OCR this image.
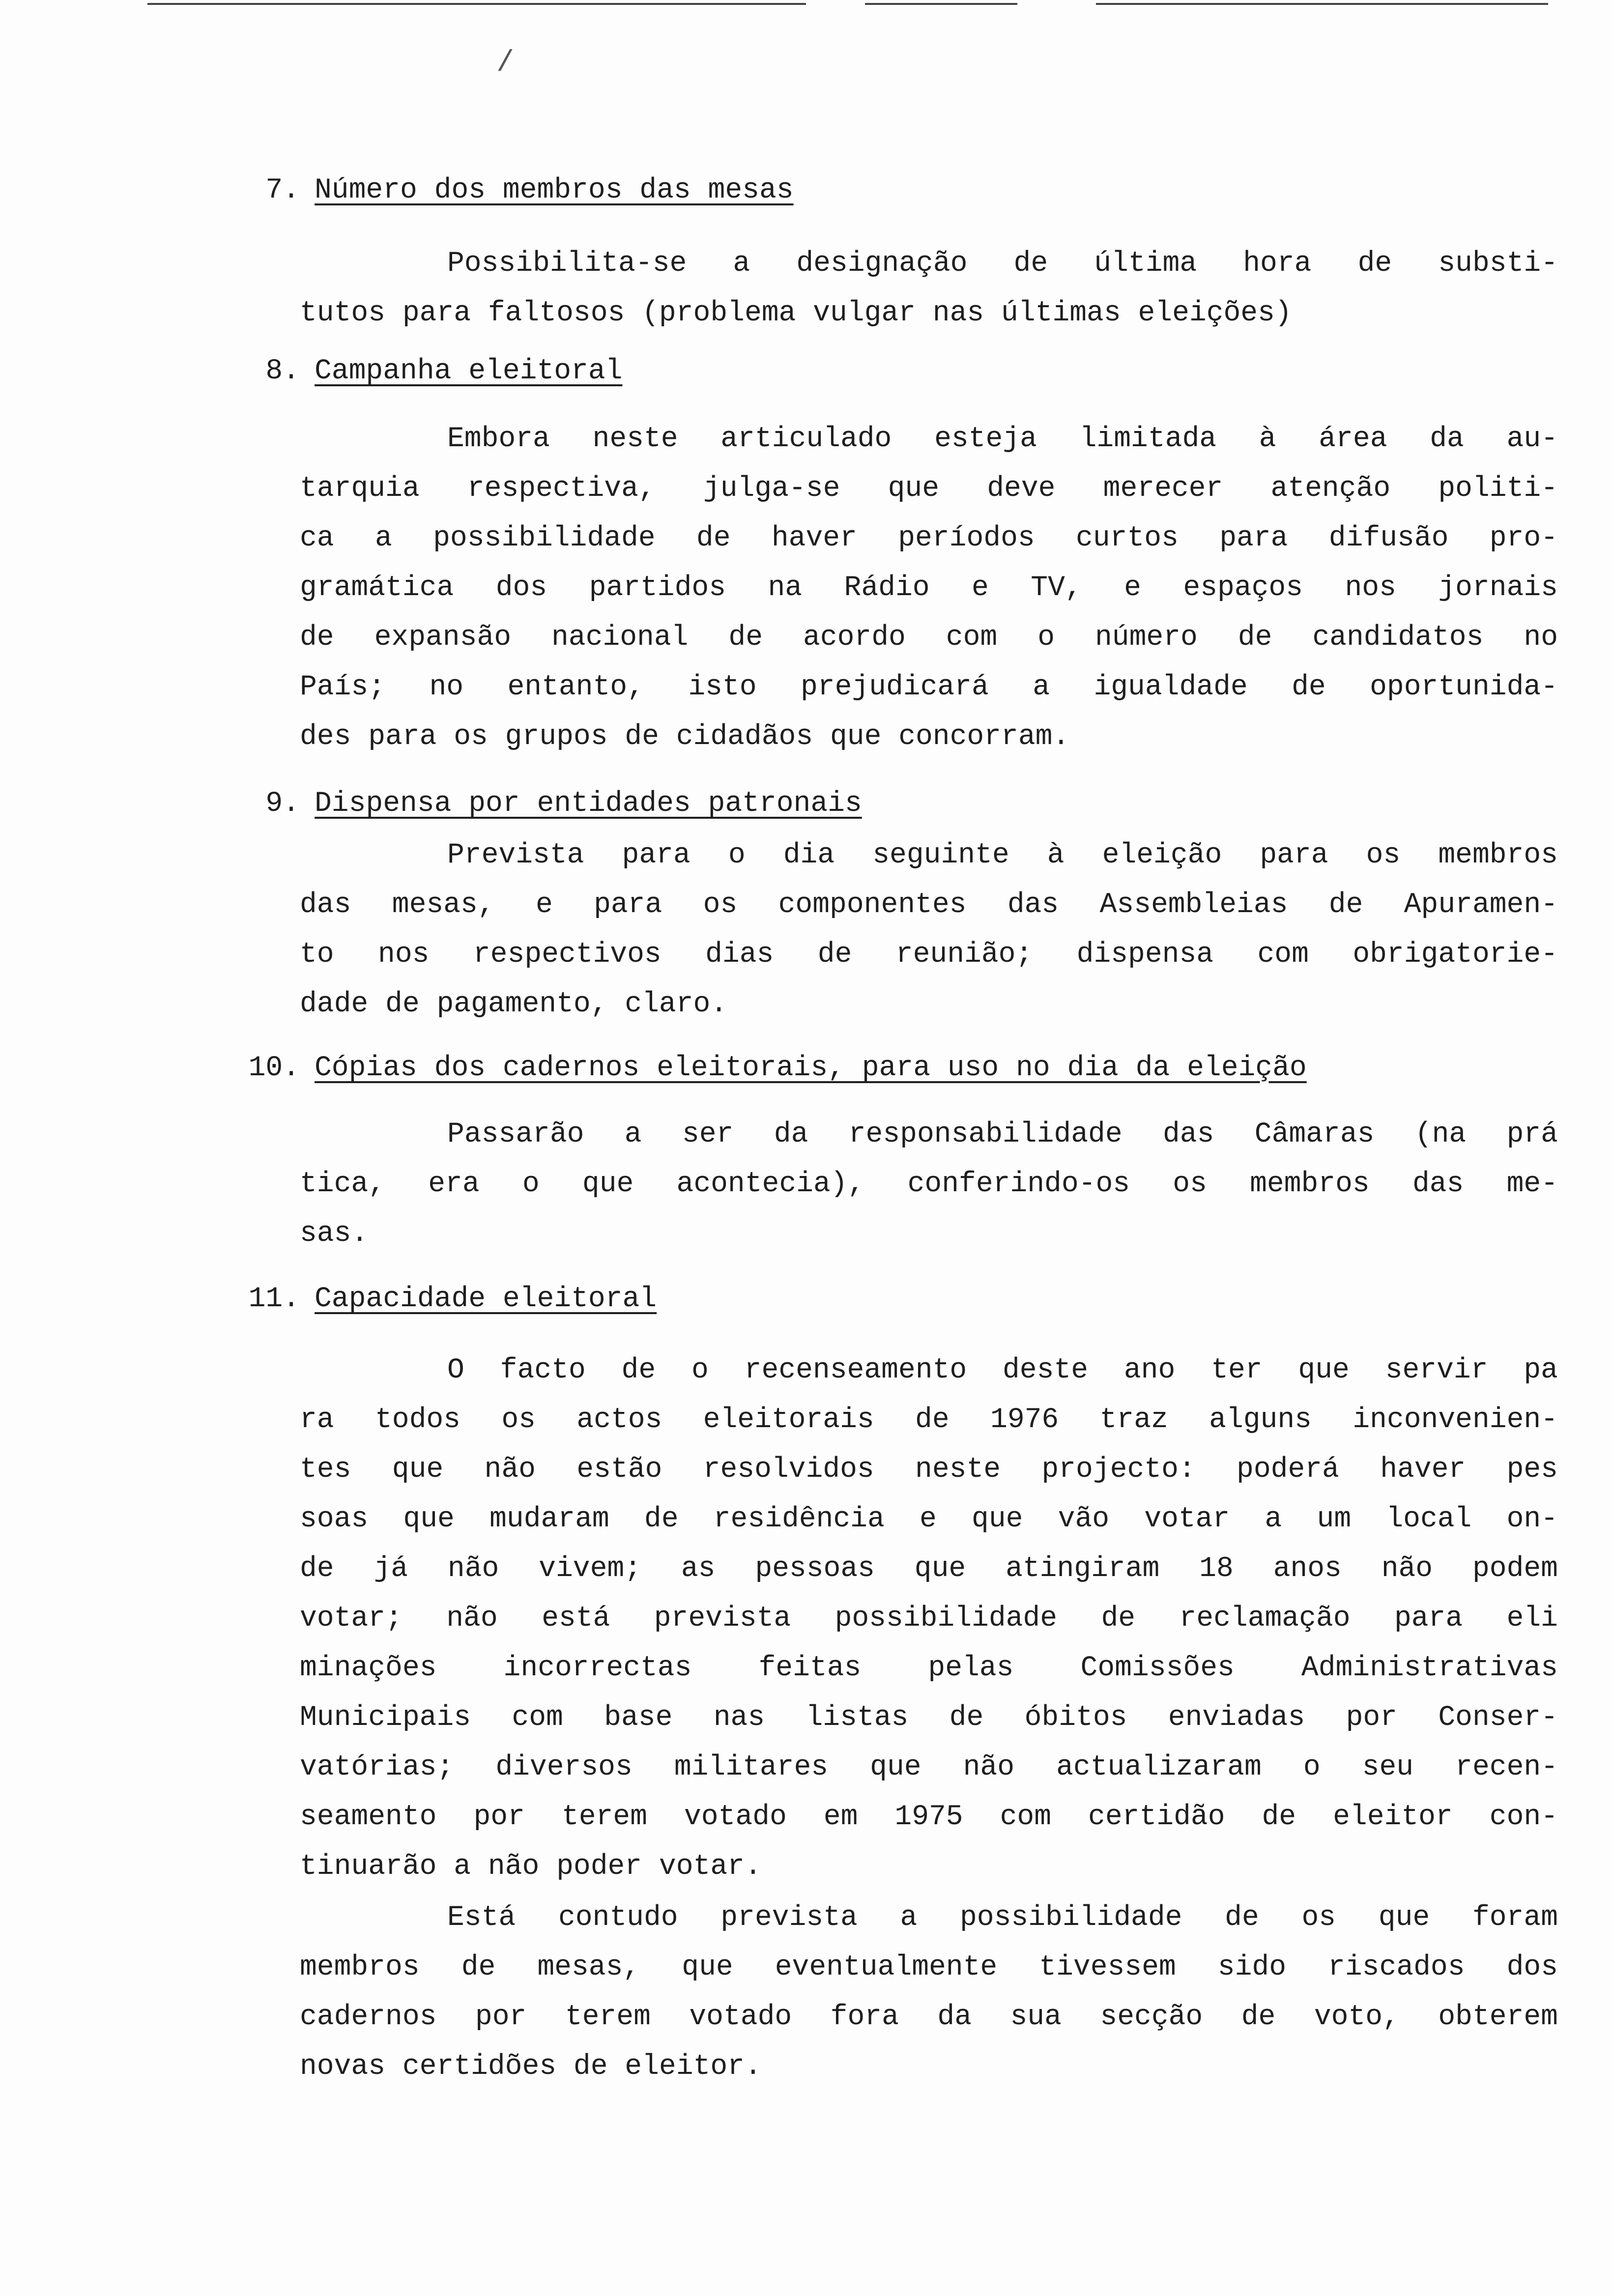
/
7. Número dos membros das mesas
Possibilita-se a designação de última hora de substi-
tutos para faltosos (problema vulgar nas últimas eleições)
8. Campanha eleitoral
Embora neste articulado esteja limitada à área da au-
tarquia respectiva, julga-se que deve merecer atenção politi-
ca a possibilidade de haver períodos curtos para difusão pro-
gramática dos partidos na Rádio e TV, e espaços nos jornais
de expansão nacional de acordo com o número de candidatos no
País; no entanto, isto prejudicará a igualdade de oportunida-
des para os grupos de cidadãos que concorram.
9. Dispensa por entidades patronais
Prevista para o dia seguinte à eleição para os membros
das mesas, e para os componentes das Assembleias de Apuramen-
to nos respectivos dias de reunião; dispensa com obrigatorie-
dade de pagamento, claro.
10. Cópias dos cadernos eleitorais, para uso no dia da eleição
Passarão a ser da responsabilidade das Câmaras (na prá
tica, era o que acontecia), conferindo-os os membros das me-
sas.
11. Capacidade eleitoral
O facto de o recenseamento deste ano ter que servir pa
ra todos os actos eleitorais de 1976 traz alguns inconvenien-
tes que não estão resolvidos neste projecto: poderá haver pes
soas que mudaram de residência e que vão votar a um local on-
de já não vivem; as pessoas que atingiram 18 anos não podem
votar; não está prevista possibilidade de reclamação para eli
minações incorrectas feitas pelas Comissões Administrativas
Municipais com base nas listas de óbitos enviadas por Conser-
vatórias; diversos militares que não actualizaram o seu recen-
seamento por terem votado em 1975 com certidão de eleitor con-
tinuarão a não poder votar.
Está contudo prevista a possibilidade de os que foram
membros de mesas, que eventualmente tivessem sido riscados dos
cadernos por terem votado fora da sua secção de voto, obterem
novas certidões de eleitor.
